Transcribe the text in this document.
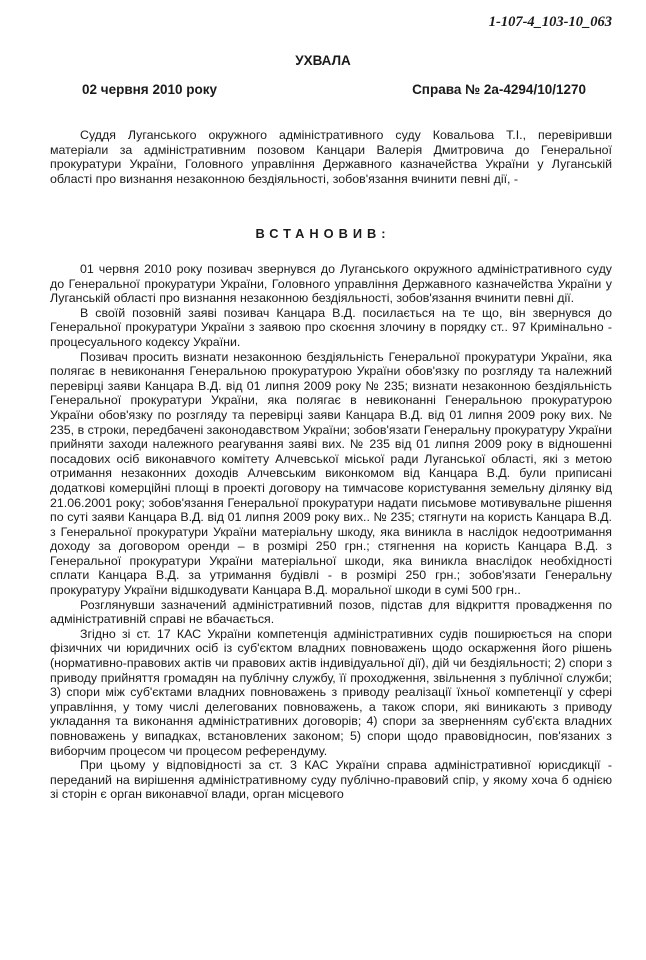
1-107-4_103-10_063
УХВАЛА
02 червня 2010 року	Справа № 2а-4294/10/1270

Суддя Луганського окружного адміністративного суду Ковальова Т.І., перевіривши матеріали за адміністративним позовом Канцари Валерія Дмитровича до Генеральної прокуратури України, Головного управління Державного казначейства України у Луганській області про визнання незаконною бездіяльності, зобов'язання вчинити певні дії, -

ВСТАНОВИВ:

01 червня 2010 року позивач звернувся до Луганського окружного адміністративного суду до Генеральної прокуратури України, Головного управління Державного казначейства України у Луганській області про визнання незаконною бездіяльності, зобов'язання вчинити певні дії.

В своїй позовній заяві позивач Канцара В.Д. посилається на те що, він звернувся до Генеральної прокуратури України з заявою про скоєння злочину в порядку ст.. 97 Кримінально - процесуального кодексу України.

Позивач просить визнати незаконною бездіяльність Генеральної прокуратури України, яка полягає в невиконання Генеральною прокуратурою України обов'язку по розгляду та належний перевірці заяви Канцара В.Д. від 01 липня 2009 року № 235; визнати незаконною бездіяльність Генеральної прокуратури України, яка полягає в невиконанні Генеральною прокуратурою України обов'язку по розгляду та перевірці заяви Канцара В.Д. від 01 липня 2009 року вих. № 235, в строки, передбачені законодавством України; зобов'язати Генеральну прокуратуру України прийняти заходи належного реагування заяві вих. № 235 від 01 липня 2009 року в відношенні посадових осіб виконавчого комітету Алчевської міської ради Луганської області, які з метою отримання незаконних доходів Алчевським виконкомом від Канцара В.Д. були приписані додаткові комерційні площі в проекті договору на тимчасове користування земельну ділянку від 21.06.2001 року; зобов'язання Генеральної прокуратури надати письмове мотивувальне рішення по суті заяви Канцара В.Д. від 01 липня 2009 року вих.. № 235; стягнути на користь Канцара В.Д. з Генеральної прокуратури України матеріальну шкоду, яка виникла в наслідок недоотримання доходу за договором оренди – в розмірі 250 грн.; стягнення на користь Канцара В.Д. з Генеральної прокуратури України матеріальної шкоди, яка виникла внаслідок необхідності сплати Канцара В.Д. за утримання будівлі - в розмірі 250 грн.; зобов'язати Генеральну прокуратуру України відшкодувати Канцара В.Д. моральної шкоди в сумі 500 грн..

Розглянувши зазначений адміністративний позов, підстав для відкриття провадження по адміністративній справі не вбачається.

Згідно зі ст. 17 КАС України компетенція адміністративних судів поширюється на спори фізичних чи юридичних осіб із суб'єктом владних повноважень щодо оскарження його рішень (нормативно-правових актів чи правових актів індивідуальної дії), дій чи бездіяльності; 2) спори з приводу прийняття громадян на публічну службу, її проходження, звільнення з публічної служби; 3) спори між суб'єктами владних повноважень з приводу реалізації їхньої компетенції у сфері управління, у тому числі делегованих повноважень, а також спори, які виникають з приводу укладання та виконання адміністративних договорів; 4) спори за зверненням суб'єкта владних повноважень у випадках, встановлених законом; 5) спори щодо правовідносин, пов'язаних з виборчим процесом чи процесом референдуму.

При цьому у відповідності за ст. 3 КАС України справа адміністративної юрисдикції - переданий на вирішення адміністративному суду публічно-правовий спір, у якому хоча б однією зі сторін є орган виконавчої влади, орган місцевого
